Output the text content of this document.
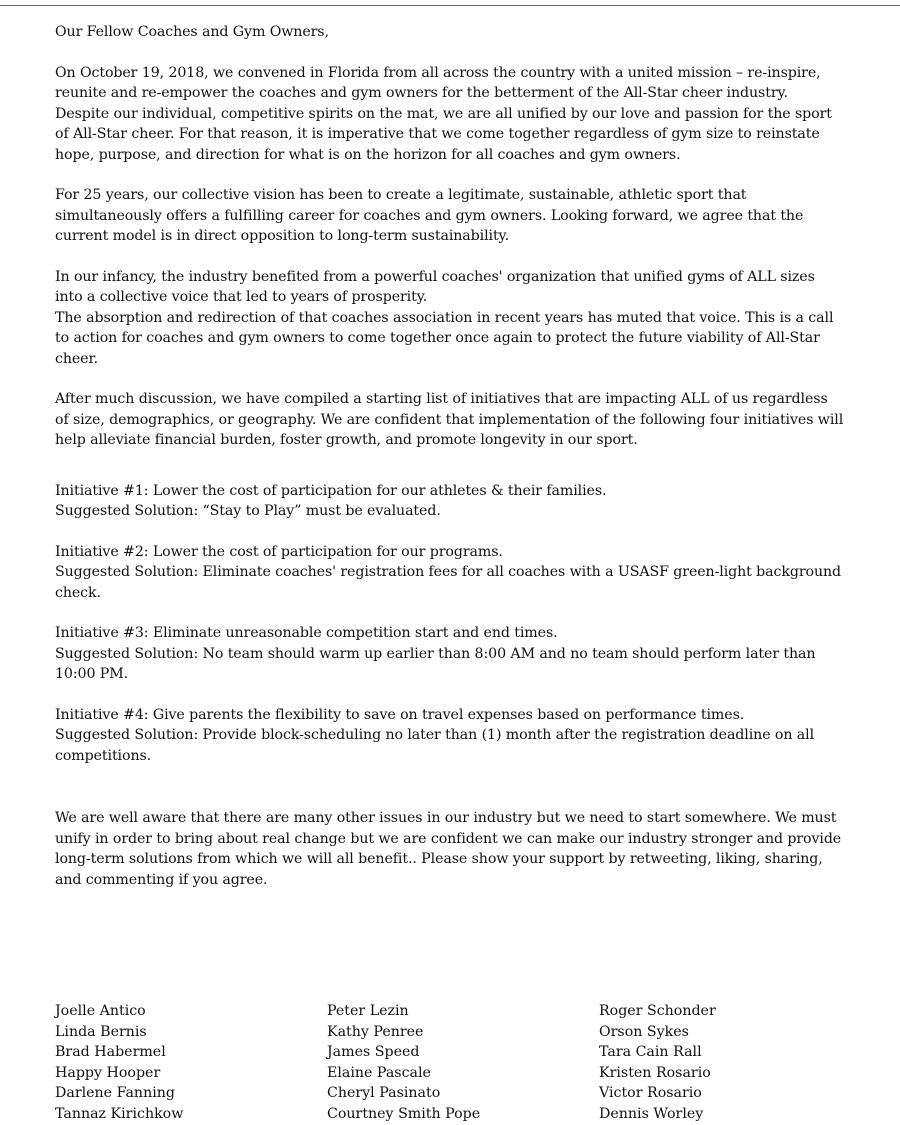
Our Fellow Coaches and Gym Owners,

On October 19, 2018, we convened in Florida from all across the country with a united mission – re-inspire, reunite and re-empower the coaches and gym owners for the betterment of the All-Star cheer industry. Despite our individual, competitive spirits on the mat, we are all unified by our love and passion for the sport of All-Star cheer. For that reason, it is imperative that we come together regardless of gym size to reinstate hope, purpose, and direction for what is on the horizon for all coaches and gym owners.

For 25 years, our collective vision has been to create a legitimate, sustainable, athletic sport that simultaneously offers a fulfilling career for coaches and gym owners. Looking forward, we agree that the current model is in direct opposition to long-term sustainability.

In our infancy, the industry benefited from a powerful coaches' organization that unified gyms of ALL sizes into a collective voice that led to years of prosperity.

The absorption and redirection of that coaches association in recent years has muted that voice. This is a call to action for coaches and gym owners to come together once again to protect the future viability of All-Star cheer.

After much discussion, we have compiled a starting list of initiatives that are impacting ALL of us regardless of size, demographics, or geography. We are confident that implementation of the following four initiatives will help alleviate financial burden, foster growth, and promote longevity in our sport.

Initiative #1: Lower the cost of participation for our athletes & their families.

Suggested Solution: “Stay to Play” must be evaluated.

Initiative #2: Lower the cost of participation for our programs.

Suggested Solution: Eliminate coaches' registration fees for all coaches with a USASF green-light background check.

Initiative #3: Eliminate unreasonable competition start and end times.

Suggested Solution: No team should warm up earlier than 8:00 AM and no team should perform later than 10:00 PM.

Initiative #4: Give parents the flexibility to save on travel expenses based on performance times.

Suggested Solution: Provide block-scheduling no later than (1) month after the registration deadline on all competitions.

We are well aware that there are many other issues in our industry but we need to start somewhere. We must unify in order to bring about real change but we are confident we can make our industry stronger and provide long-term solutions from which we will all benefit.. Please show your support by retweeting, liking, sharing, and commenting if you agree.

Joelle Antico
Linda Bernis
Brad Habermel
Happy Hooper
Darlene Fanning
Tannaz Kirichkow
Peter Lezin
Kathy Penree
James Speed
Elaine Pascale
Cheryl Pasinato
Courtney Smith Pope
Roger Schonder
Orson Sykes
Tara Cain Rall
Kristen Rosario
Victor Rosario
Dennis Worley
